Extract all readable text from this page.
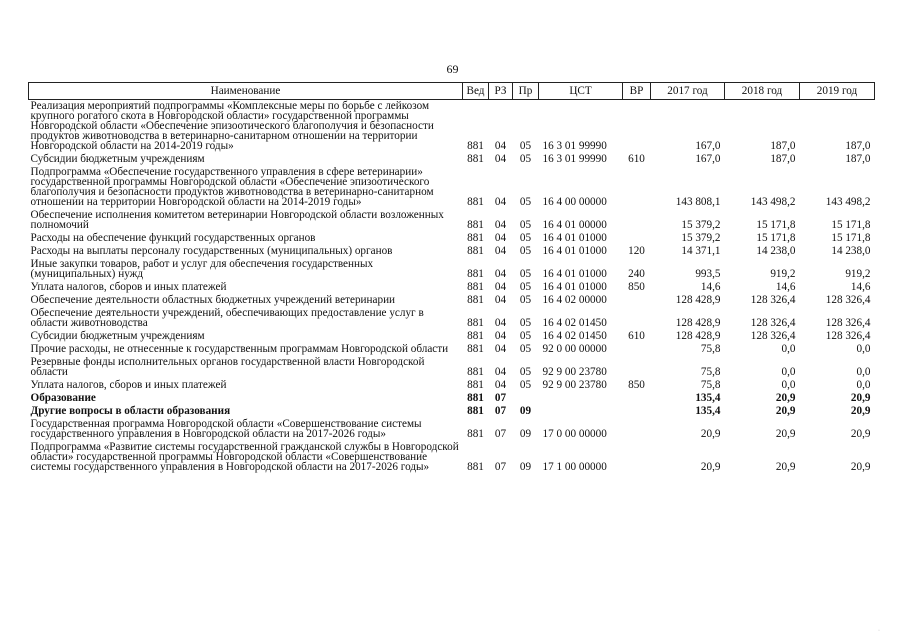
69
Наименование	Вед	РЗ	Пр	ЦСТ	ВР	2017 год	2018 год	2019 год
Реализация мероприятий подпрограммы «Комплексные меры по борьбе с лейкозом крупного рогатого скота в Новгородской области» государственной программы Новгородской области «Обеспечение эпизоотического благополучия и безопасности продуктов животноводства в ветеринарно-санитарном отношении на территории Новгородской области на 2014-2019 годы»	881	04	05	16 3 01 99990		167,0	187,0	187,0
Субсидии бюджетным учреждениям	881	04	05	16 3 01 99990	610	167,0	187,0	187,0
Подпрограмма «Обеспечение государственного управления в сфере ветеринарии» государственной программы Новгородской области «Обеспечение эпизоотического благополучия и безопасности продуктов животноводства в ветеринарно-санитарном отношении на территории Новгородской области на 2014-2019 годы»	881	04	05	16 4 00 00000		143 808,1	143 498,2	143 498,2
Обеспечение исполнения комитетом ветеринарии Новгородской области возложенных полномочий	881	04	05	16 4 01 00000		15 379,2	15 171,8	15 171,8
Расходы на обеспечение функций государственных органов	881	04	05	16 4 01 01000		15 379,2	15 171,8	15 171,8
Расходы на выплаты персоналу государственных (муниципальных) органов	881	04	05	16 4 01 01000	120	14 371,1	14 238,0	14 238,0
Иные закупки товаров, работ и услуг для обеспечения государственных (муниципальных) нужд	881	04	05	16 4 01 01000	240	993,5	919,2	919,2
Уплата налогов, сборов и иных платежей	881	04	05	16 4 01 01000	850	14,6	14,6	14,6
Обеспечение деятельности областных бюджетных учреждений ветеринарии	881	04	05	16 4 02 00000		128 428,9	128 326,4	128 326,4
Обеспечение деятельности учреждений, обеспечивающих предоставление услуг в области животноводства	881	04	05	16 4 02 01450		128 428,9	128 326,4	128 326,4
Субсидии бюджетным учреждениям	881	04	05	16 4 02 01450	610	128 428,9	128 326,4	128 326,4
Прочие расходы, не отнесенные к государственным программам Новгородской области	881	04	05	92 0 00 00000		75,8	0,0	0,0
Резервные фонды исполнительных органов государственной власти Новгородской области	881	04	05	92 9 00 23780		75,8	0,0	0,0
Уплата налогов, сборов и иных платежей	881	04	05	92 9 00 23780	850	75,8	0,0	0,0
Образование	881	07				135,4	20,9	20,9
Другие вопросы в области образования	881	07	09			135,4	20,9	20,9
Государственная программа Новгородской области «Совершенствование системы государственного управления в Новгородской области на 2017-2026 годы»	881	07	09	17 0 00 00000		20,9	20,9	20,9
Подпрограмма «Развитие системы государственной гражданской службы в Новгородской области» государственной программы Новгородской области «Совершенствование системы государственного управления в Новгородской области на 2017-2026 годы»	881	07	09	17 1 00 00000		20,9	20,9	20,9
·
